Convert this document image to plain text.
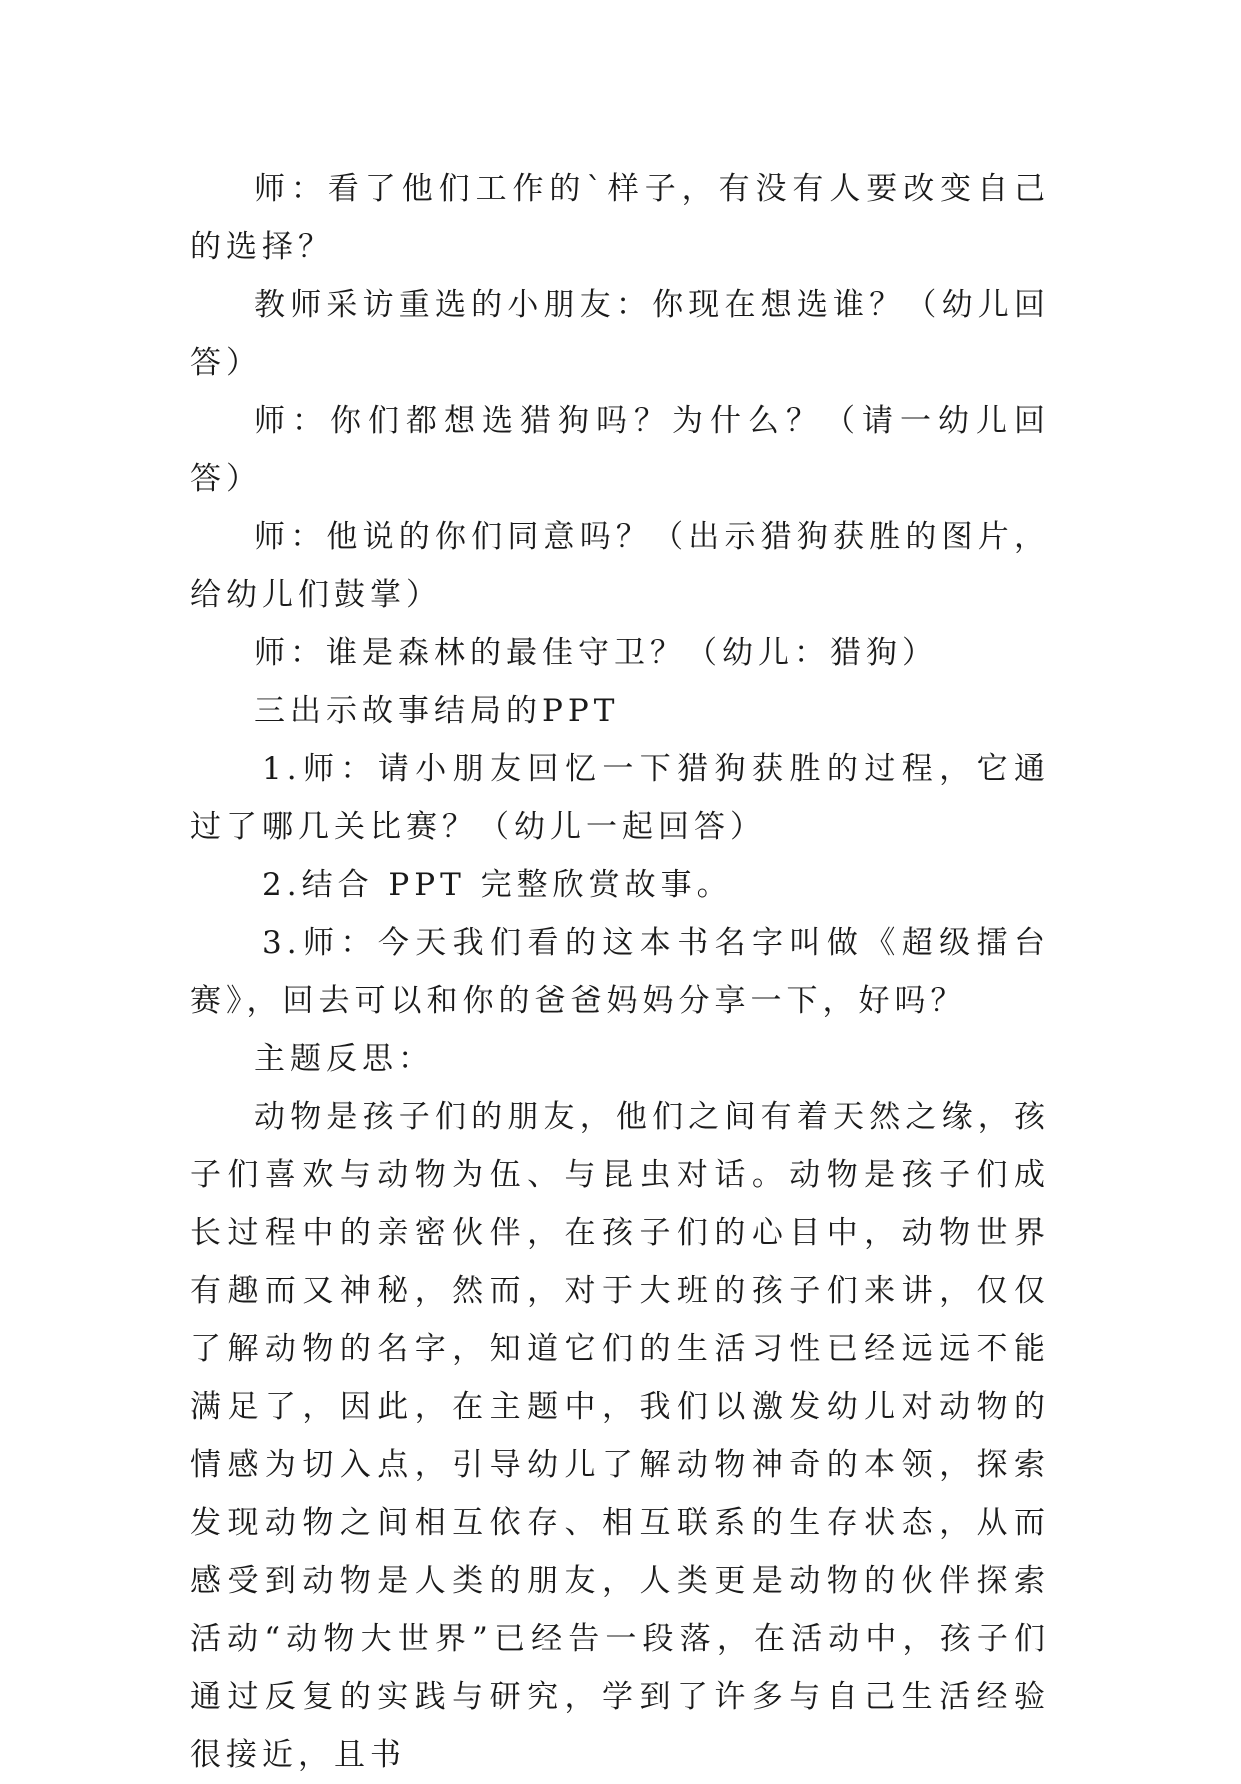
师：看了他们工作的`样子，有没有人要改变自己的选择？

教师采访重选的小朋友：你现在想选谁？（幼儿回答）

师：你们都想选猎狗吗？为什么？（请一幼儿回答）

师：他说的你们同意吗？（出示猎狗获胜的图片，给幼儿们鼓掌）

师：谁是森林的最佳守卫？（幼儿：猎狗）

三出示故事结局的PPT

1.师：请小朋友回忆一下猎狗获胜的过程，它通过了哪几关比赛？（幼儿一起回答）

2.结合 PPT 完整欣赏故事。

3.师：今天我们看的这本书名字叫做《超级擂台赛》，回去可以和你的爸爸妈妈分享一下，好吗？

主题反思：

动物是孩子们的朋友，他们之间有着天然之缘，孩子们喜欢与动物为伍、与昆虫对话。动物是孩子们成长过程中的亲密伙伴，在孩子们的心目中，动物世界有趣而又神秘，然而，对于大班的孩子们来讲，仅仅了解动物的名字，知道它们的生活习性已经远远不能满足了，因此，在主题中，我们以激发幼儿对动物的情感为切入点，引导幼儿了解动物神奇的本领，探索发现动物之间相互依存、相互联系的生存状态，从而感受到动物是人类的朋友，人类更是动物的伙伴探索活动“动物大世界”已经告一段落，在活动中，孩子们通过反复的实践与研究，学到了许多与自己生活经验很接近，且书
